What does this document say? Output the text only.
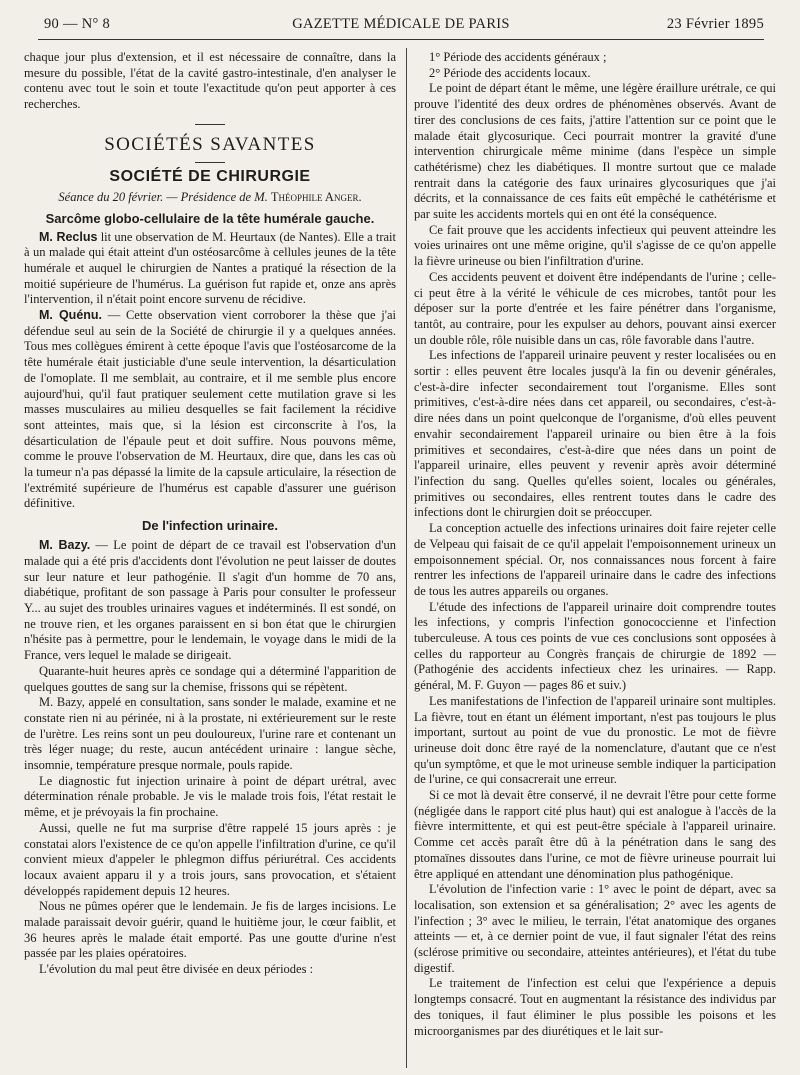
90 — N° 8	GAZETTE MÉDICALE DE PARIS	23 Février 1895

chaque jour plus d'extension, et il est nécessaire de connaître, dans la mesure du possible, l'état de la cavité gastro-intestinale, d'en analyser le contenu avec tout le soin et toute l'exactitude qu'on peut apporter à ces recherches.

SOCIÉTÉS SAVANTES
SOCIÉTÉ DE CHIRURGIE
Séance du 20 février. — Présidence de M. Théophile Anger.
Sarcôme globo-cellulaire de la tête humérale gauche.

M. Reclus lit une observation de M. Heurtaux (de Nantes). Elle a trait à un malade qui était atteint d'un ostéosarcôme à cellules jeunes de la tête humérale et auquel le chirurgien de Nantes a pratiqué la résection de la moitié supérieure de l'humérus. La guérison fut rapide et, onze ans après l'intervention, il n'était point encore survenu de récidive.

M. Quénu. — Cette observation vient corroborer la thèse que j'ai défendue seul au sein de la Société de chirurgie il y a quelques années. Tous mes collègues émirent à cette époque l'avis que l'ostéosarcome de la tête humérale était justiciable d'une seule intervention, la désarticulation de l'omoplate. Il me semblait, au contraire, et il me semble plus encore aujourd'hui, qu'il faut pratiquer seulement cette mutilation grave si les masses musculaires au milieu desquelles se fait facilement la récidive sont atteintes, mais que, si la lésion est circonscrite à l'os, la désarticulation de l'épaule peut et doit suffire. Nous pouvons même, comme le prouve l'observation de M. Heurtaux, dire que, dans les cas où la tumeur n'a pas dépassé la limite de la capsule articulaire, la résection de l'extrémité supérieure de l'humérus est capable d'assurer une guérison définitive.

De l'infection urinaire.

M. Bazy. — Le point de départ de ce travail est l'observation d'un malade qui a été pris d'accidents dont l'évolution ne peut laisser de doutes sur leur nature et leur pathogénie. Il s'agit d'un homme de 70 ans, diabétique, profitant de son passage à Paris pour consulter le professeur Y... au sujet des troubles urinaires vagues et indéterminés. Il est sondé, on ne trouve rien, et les organes paraissent en si bon état que le chirurgien n'hésite pas à permettre, pour le lendemain, le voyage dans le midi de la France, vers lequel le malade se dirigeait.

Quarante-huit heures après ce sondage qui a déterminé l'apparition de quelques gouttes de sang sur la chemise, frissons qui se répètent.

M. Bazy, appelé en consultation, sans sonder le malade, examine et ne constate rien ni au périnée, ni à la prostate, ni extérieurement sur le reste de l'urètre. Les reins sont un peu douloureux, l'urine rare et contenant un très léger nuage; du reste, aucun antécédent urinaire : langue sèche, insomnie, température presque normale, pouls rapide.

Le diagnostic fut injection urinaire à point de départ urétral, avec détermination rénale probable. Je vis le malade trois fois, l'état restait le même, et je prévoyais la fin prochaine.

Aussi, quelle ne fut ma surprise d'être rappelé 15 jours après : je constatai alors l'existence de ce qu'on appelle l'infiltration d'urine, ce qu'il convient mieux d'appeler le phlegmon diffus périurétral. Ces accidents locaux avaient apparu il y a trois jours, sans provocation, et s'étaient développés rapidement depuis 12 heures.

Nous ne pûmes opérer que le lendemain. Je fis de larges incisions. Le malade paraissait devoir guérir, quand le huitième jour, le cœur faiblit, et 36 heures après le malade était emporté. Pas une goutte d'urine n'est passée par les plaies opératoires.

L'évolution du mal peut être divisée en deux périodes :

1° Période des accidents généraux ;

2° Période des accidents locaux.

Le point de départ étant le même, une légère éraillure urétrale, ce qui prouve l'identité des deux ordres de phénomènes observés. Avant de tirer des conclusions de ces faits, j'attire l'attention sur ce point que le malade était glycosurique. Ceci pourrait montrer la gravité d'une intervention chirurgicale même minime (dans l'espèce un simple cathétérisme) chez les diabétiques. Il montre surtout que ce malade rentrait dans la catégorie des faux urinaires glycosuriques que j'ai décrits, et la connaissance de ces faits eût empêché le cathétérisme et par suite les accidents mortels qui en ont été la conséquence.

Ce fait prouve que les accidents infectieux qui peuvent atteindre les voies urinaires ont une même origine, qu'il s'agisse de ce qu'on appelle la fièvre urineuse ou bien l'infiltration d'urine.

Ces accidents peuvent et doivent être indépendants de l'urine ; celle-ci peut être à la vérité le véhicule de ces microbes, tantôt pour les déposer sur la porte d'entrée et les faire pénétrer dans l'organisme, tantôt, au contraire, pour les expulser au dehors, pouvant ainsi exercer un double rôle, rôle nuisible dans un cas, rôle favorable dans l'autre.

Les infections de l'appareil urinaire peuvent y rester localisées ou en sortir : elles peuvent être locales jusqu'à la fin ou devenir générales, c'est-à-dire infecter secondairement tout l'organisme. Elles sont primitives, c'est-à-dire nées dans cet appareil, ou secondaires, c'est-à-dire nées dans un point quelconque de l'organisme, d'où elles peuvent envahir secondairement l'appareil urinaire ou bien être à la fois primitives et secondaires, c'est-à-dire que nées dans un point de l'appareil urinaire, elles peuvent y revenir après avoir déterminé l'infection du sang. Quelles qu'elles soient, locales ou générales, primitives ou secondaires, elles rentrent toutes dans le cadre des infections dont le chirurgien doit se préoccuper.

La conception actuelle des infections urinaires doit faire rejeter celle de Velpeau qui faisait de ce qu'il appelait l'empoisonnement urineux un empoisonnement spécial. Or, nos connaissances nous forcent à faire rentrer les infections de l'appareil urinaire dans le cadre des infections de tous les autres appareils ou organes.

L'étude des infections de l'appareil urinaire doit comprendre toutes les infections, y compris l'infection gonococcienne et l'infection tuberculeuse. A tous ces points de vue ces conclusions sont opposées à celles du rapporteur au Congrès français de chirurgie de 1892 — (Pathogénie des accidents infectieux chez les urinaires. — Rapp. général, M. F. Guyon — pages 86 et suiv.)

Les manifestations de l'infection de l'appareil urinaire sont multiples. La fièvre, tout en étant un élément important, n'est pas toujours le plus important, surtout au point de vue du pronostic. Le mot de fièvre urineuse doit donc être rayé de la nomenclature, d'autant que ce n'est qu'un symptôme, et que le mot urineuse semble indiquer la participation de l'urine, ce qui consacrerait une erreur.

Si ce mot là devait être conservé, il ne devrait l'être pour cette forme (négligée dans le rapport cité plus haut) qui est analogue à l'accès de la fièvre intermittente, et qui est peut-être spéciale à l'appareil urinaire. Comme cet accès paraît être dû à la pénétration dans le sang des ptomaïnes dissoutes dans l'urine, ce mot de fièvre urineuse pourrait lui être appliqué en attendant une dénomination plus pathogénique.

L'évolution de l'infection varie : 1° avec le point de départ, avec sa localisation, son extension et sa généralisation; 2° avec les agents de l'infection ; 3° avec le milieu, le terrain, l'état anatomique des organes atteints — et, à ce dernier point de vue, il faut signaler l'état des reins (sclérose primitive ou secondaire, atteintes antérieures), et l'état du tube digestif.

Le traitement de l'infection est celui que l'expérience a depuis longtemps consacré. Tout en augmentant la résistance des individus par des toniques, il faut éliminer le plus possible les poisons et les microorganismes par des diurétiques et le lait sur-
